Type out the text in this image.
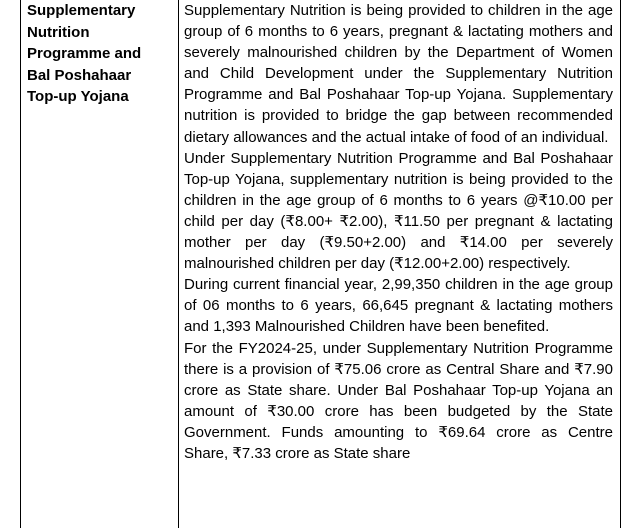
Supplementary
Nutrition
Programme and
Bal Poshahaar
Top-up Yojana

Supplementary Nutrition is being provided to children in the age group of 6 months to 6 years, pregnant & lactating mothers and severely malnourished children by the Department of Women and Child Development under the Supplementary Nutrition Programme and Bal Poshahaar Top-up Yojana. Supplementary nutrition is provided to bridge the gap between recommended dietary allowances and the actual intake of food of an individual.

Under Supplementary Nutrition Programme and Bal Poshahaar Top-up Yojana, supplementary nutrition is being provided to the children in the age group of 6 months to 6 years @₹10.00 per child per day (₹8.00+ ₹2.00), ₹11.50 per pregnant & lactating mother per day (₹9.50+2.00) and ₹14.00 per severely malnourished children per day (₹12.00+2.00) respectively.

During current financial year, 2,99,350 children in the age group of 06 months to 6 years, 66,645 pregnant & lactating mothers and 1,393 Malnourished Children have been benefited.

For the FY2024-25, under Supplementary Nutrition Programme there is a provision of ₹75.06 crore as Central Share and ₹7.90 crore as State share. Under Bal Poshahaar Top-up Yojana an amount of ₹30.00 crore has been budgeted by the State Government. Funds amounting to ₹69.64 crore as Centre Share, ₹7.33 crore as State share
